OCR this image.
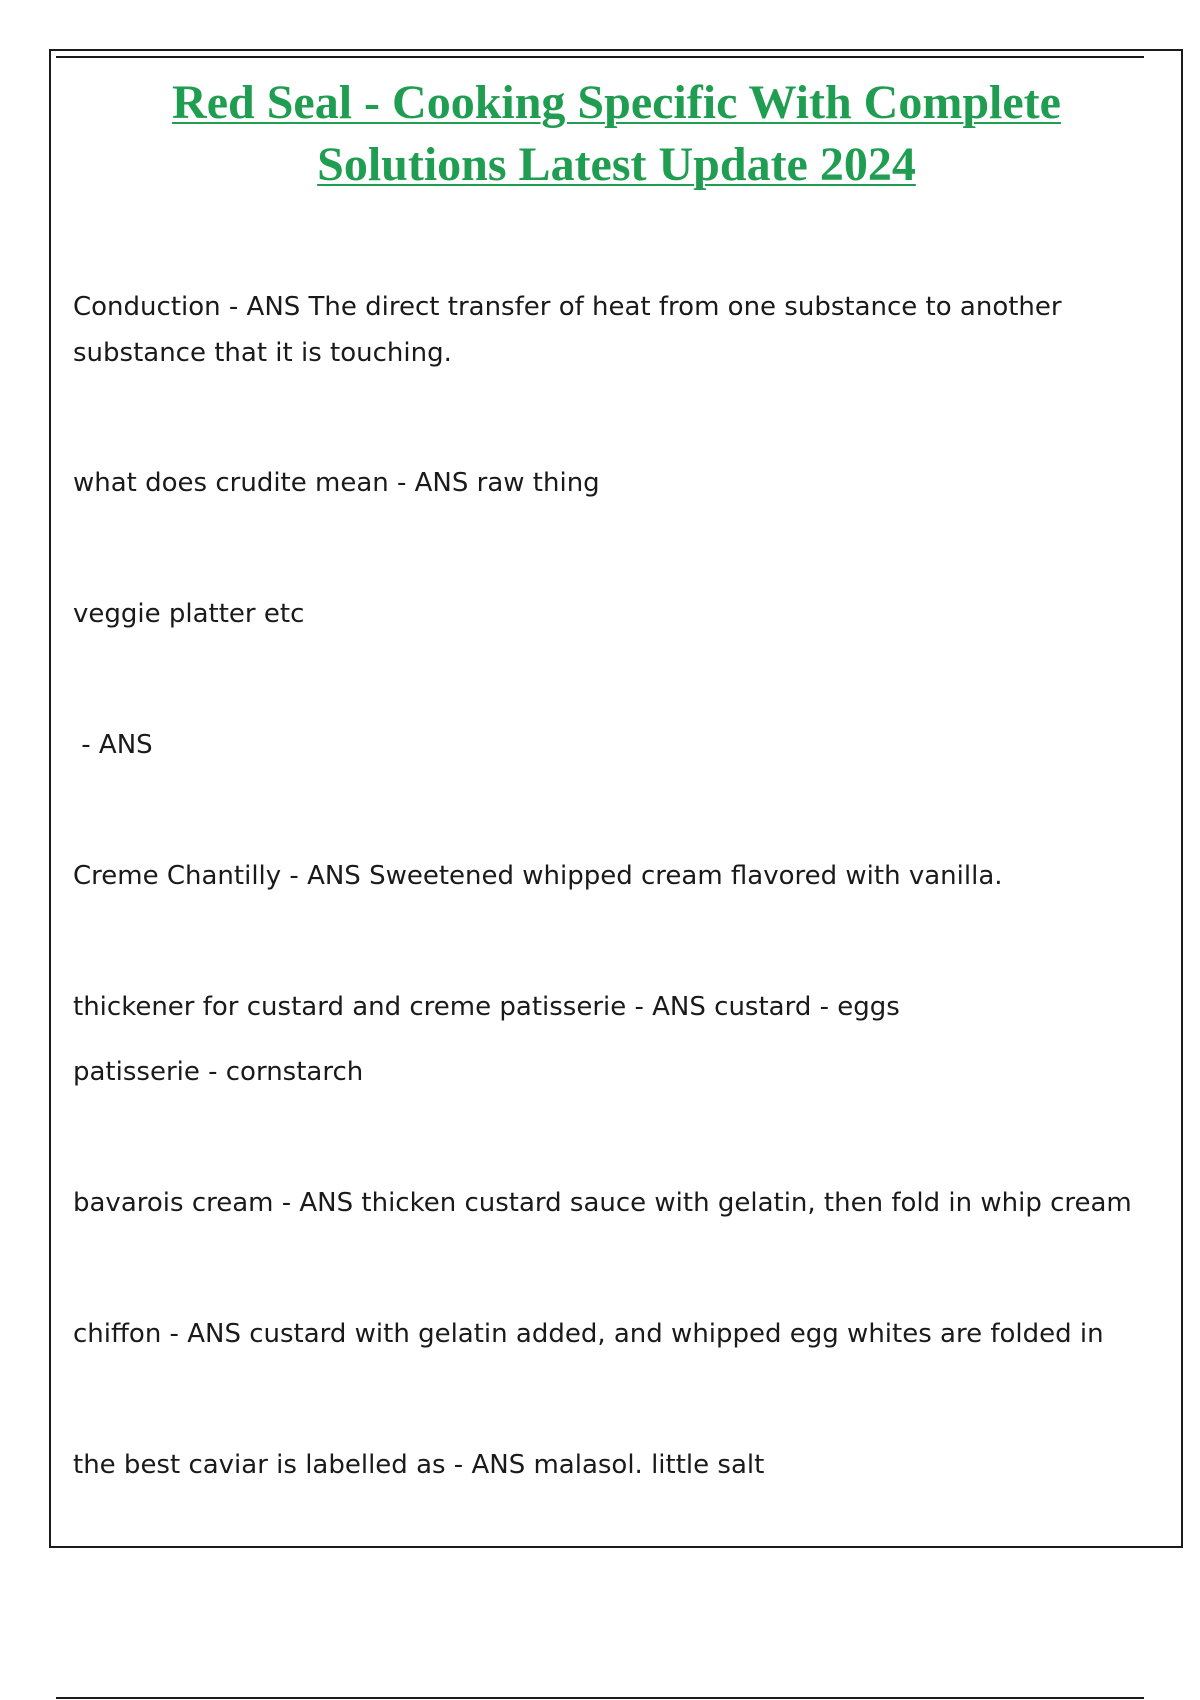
Red Seal - Cooking Specific With Complete
Solutions Latest Update 2024

Conduction - ANS The direct transfer of heat from one substance to another substance that it is touching.

what does crudite mean - ANS raw thing

veggie platter etc

- ANS

Creme Chantilly - ANS Sweetened whipped cream flavored with vanilla.

thickener for custard and creme patisserie - ANS custard - eggs
patisserie - cornstarch

bavarois cream - ANS thicken custard sauce with gelatin, then fold in whip cream

chiffon - ANS custard with gelatin added, and whipped egg whites are folded in

the best caviar is labelled as - ANS malasol. little salt
